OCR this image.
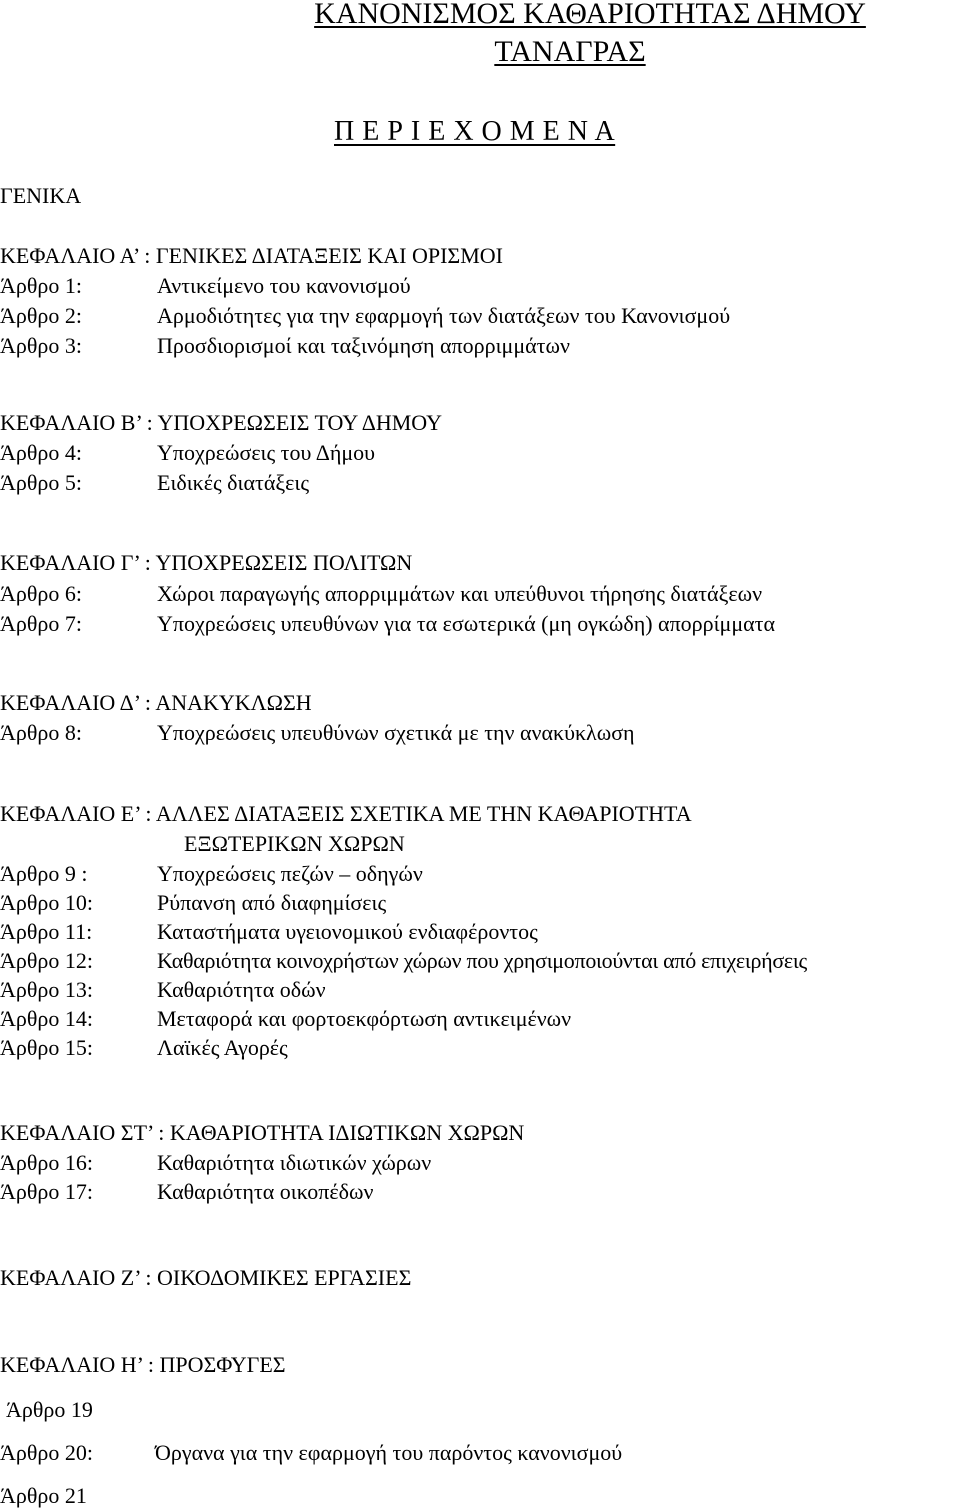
ΚΑΝΟΝΙΣΜΟΣ ΚΑΘΑΡΙΟΤΗΤΑΣ ΔΗΜΟΥ
ΤΑΝΑΓΡΑΣ
Π Ε Ρ Ι Ε Χ Ο Μ Ε Ν Α
ΓΕΝΙΚΑ
ΚΕΦΑΛΑΙΟ Α’ : ΓΕΝΙΚΕΣ ΔΙΑΤΑΞΕΙΣ ΚΑΙ ΟΡΙΣΜΟΙ
Άρθρο 1:	Αντικείμενο του κανονισμού
Άρθρο 2:	Αρμοδιότητες για την εφαρμογή των διατάξεων του Κανονισμού
Άρθρο 3:	Προσδιορισμοί και ταξινόμηση απορριμμάτων
ΚΕΦΑΛΑΙΟ Β’ : ΥΠΟΧΡΕΩΣΕΙΣ ΤΟΥ ΔΗΜΟΥ
Άρθρο 4:	Υποχρεώσεις του Δήμου
Άρθρο 5:	Ειδικές διατάξεις
ΚΕΦΑΛΑΙΟ Γ’ : ΥΠΟΧΡΕΩΣΕΙΣ ΠΟΛΙΤΩΝ
Άρθρο 6:	Χώροι παραγωγής απορριμμάτων και υπεύθυνοι τήρησης διατάξεων
Άρθρο 7:	Υποχρεώσεις υπευθύνων για τα εσωτερικά (μη ογκώδη) απορρίμματα
ΚΕΦΑΛΑΙΟ Δ’ : ΑΝΑΚΥΚΛΩΣΗ
Άρθρο 8:	Υποχρεώσεις υπευθύνων σχετικά με την ανακύκλωση
ΚΕΦΑΛΑΙΟ Ε’ : ΑΛΛΕΣ ΔΙΑΤΑΞΕΙΣ ΣΧΕΤΙΚΑ ΜΕ ΤΗΝ ΚΑΘΑΡΙΟΤΗΤΑ
ΕΞΩΤΕΡΙΚΩΝ ΧΩΡΩΝ
Άρθρο 9 :	Υποχρεώσεις πεζών – οδηγών
Άρθρο 10:	Ρύπανση από διαφημίσεις
Άρθρο 11:	Καταστήματα υγειονομικού ενδιαφέροντος
Άρθρο 12:	Καθαριότητα κοινοχρήστων χώρων που χρησιμοποιούνται από επιχειρήσεις
Άρθρο 13:	Καθαριότητα οδών
Άρθρο 14:	Μεταφορά και φορτοεκφόρτωση αντικειμένων
Άρθρο 15:	Λαϊκές Αγορές
ΚΕΦΑΛΑΙΟ ΣΤ’ : ΚΑΘΑΡΙΟΤΗΤΑ ΙΔΙΩΤΙΚΩΝ ΧΩΡΩΝ
Άρθρο 16:	Καθαριότητα ιδιωτικών χώρων
Άρθρο 17:	Καθαριότητα οικοπέδων
ΚΕΦΑΛΑΙΟ Ζ’ : ΟΙΚΟΔΟΜΙΚΕΣ ΕΡΓΑΣΙΕΣ
ΚΕΦΑΛΑΙΟ Η’ : ΠΡΟΣΦΥΓΕΣ
Άρθρο 19
Άρθρο 20:	Όργανα για την εφαρμογή του παρόντος κανονισμού
Άρθρο 21
